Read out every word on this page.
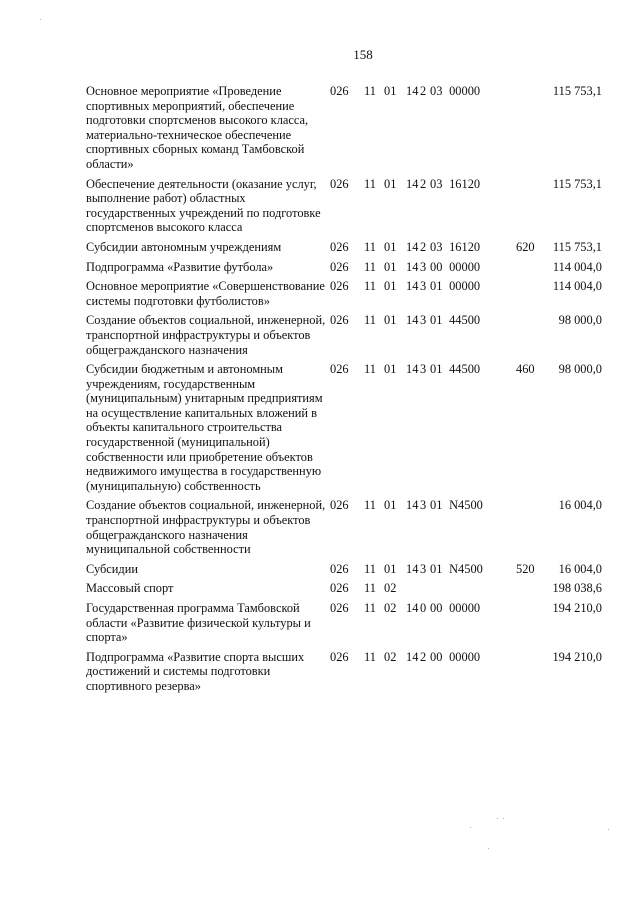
158
Основное мероприятие «Проведение спортивных мероприятий, обеспечение подготовки спортсменов высокого класса, материально-техническое обеспечение спортивных сборных команд Тамбовской области»	026	11	01	14 2 03 00000		115 753,1
Обеспечение деятельности (оказание услуг, выполнение работ) областных государственных учреждений по подготовке спортсменов высокого класса	026	11	01	14 2 03 16120		115 753,1
Субсидии автономным учреждениям	026	11	01	14 2 03 16120	620	115 753,1
Подпрограмма «Развитие футбола»	026	11	01	14 3 00 00000		114 004,0
Основное мероприятие «Совершенствование системы подготовки футболистов»	026	11	01	14 3 01 00000		114 004,0
Создание объектов социальной, инженерной, транспортной инфраструктуры и объектов общегражданского назначения	026	11	01	14 3 01 44500		98 000,0
Субсидии бюджетным и автономным учреждениям, государственным (муниципальным) унитарным предприятиям на осуществление капитальных вложений в объекты капитального строительства государственной (муниципальной) собственности или приобретение объектов недвижимого имущества в государственную (муниципальную) собственность	026	11	01	14 3 01 44500	460	98 000,0
Создание объектов социальной, инженерной, транспортной инфраструктуры и объектов общегражданского назначения муниципальной собственности	026	11	01	14 3 01 N4500		16 004,0
Субсидии	026	11	01	14 3 01 N4500	520	16 004,0
Массовый спорт	026	11	02			198 038,6
Государственная программа Тамбовской области «Развитие физической культуры и спорта»	026	11	02	14 0 00 00000		194 210,0
Подпрограмма «Развитие спорта высших достижений и системы подготовки спортивного резерва»	026	11	02	14 2 00 00000		194 210,0
